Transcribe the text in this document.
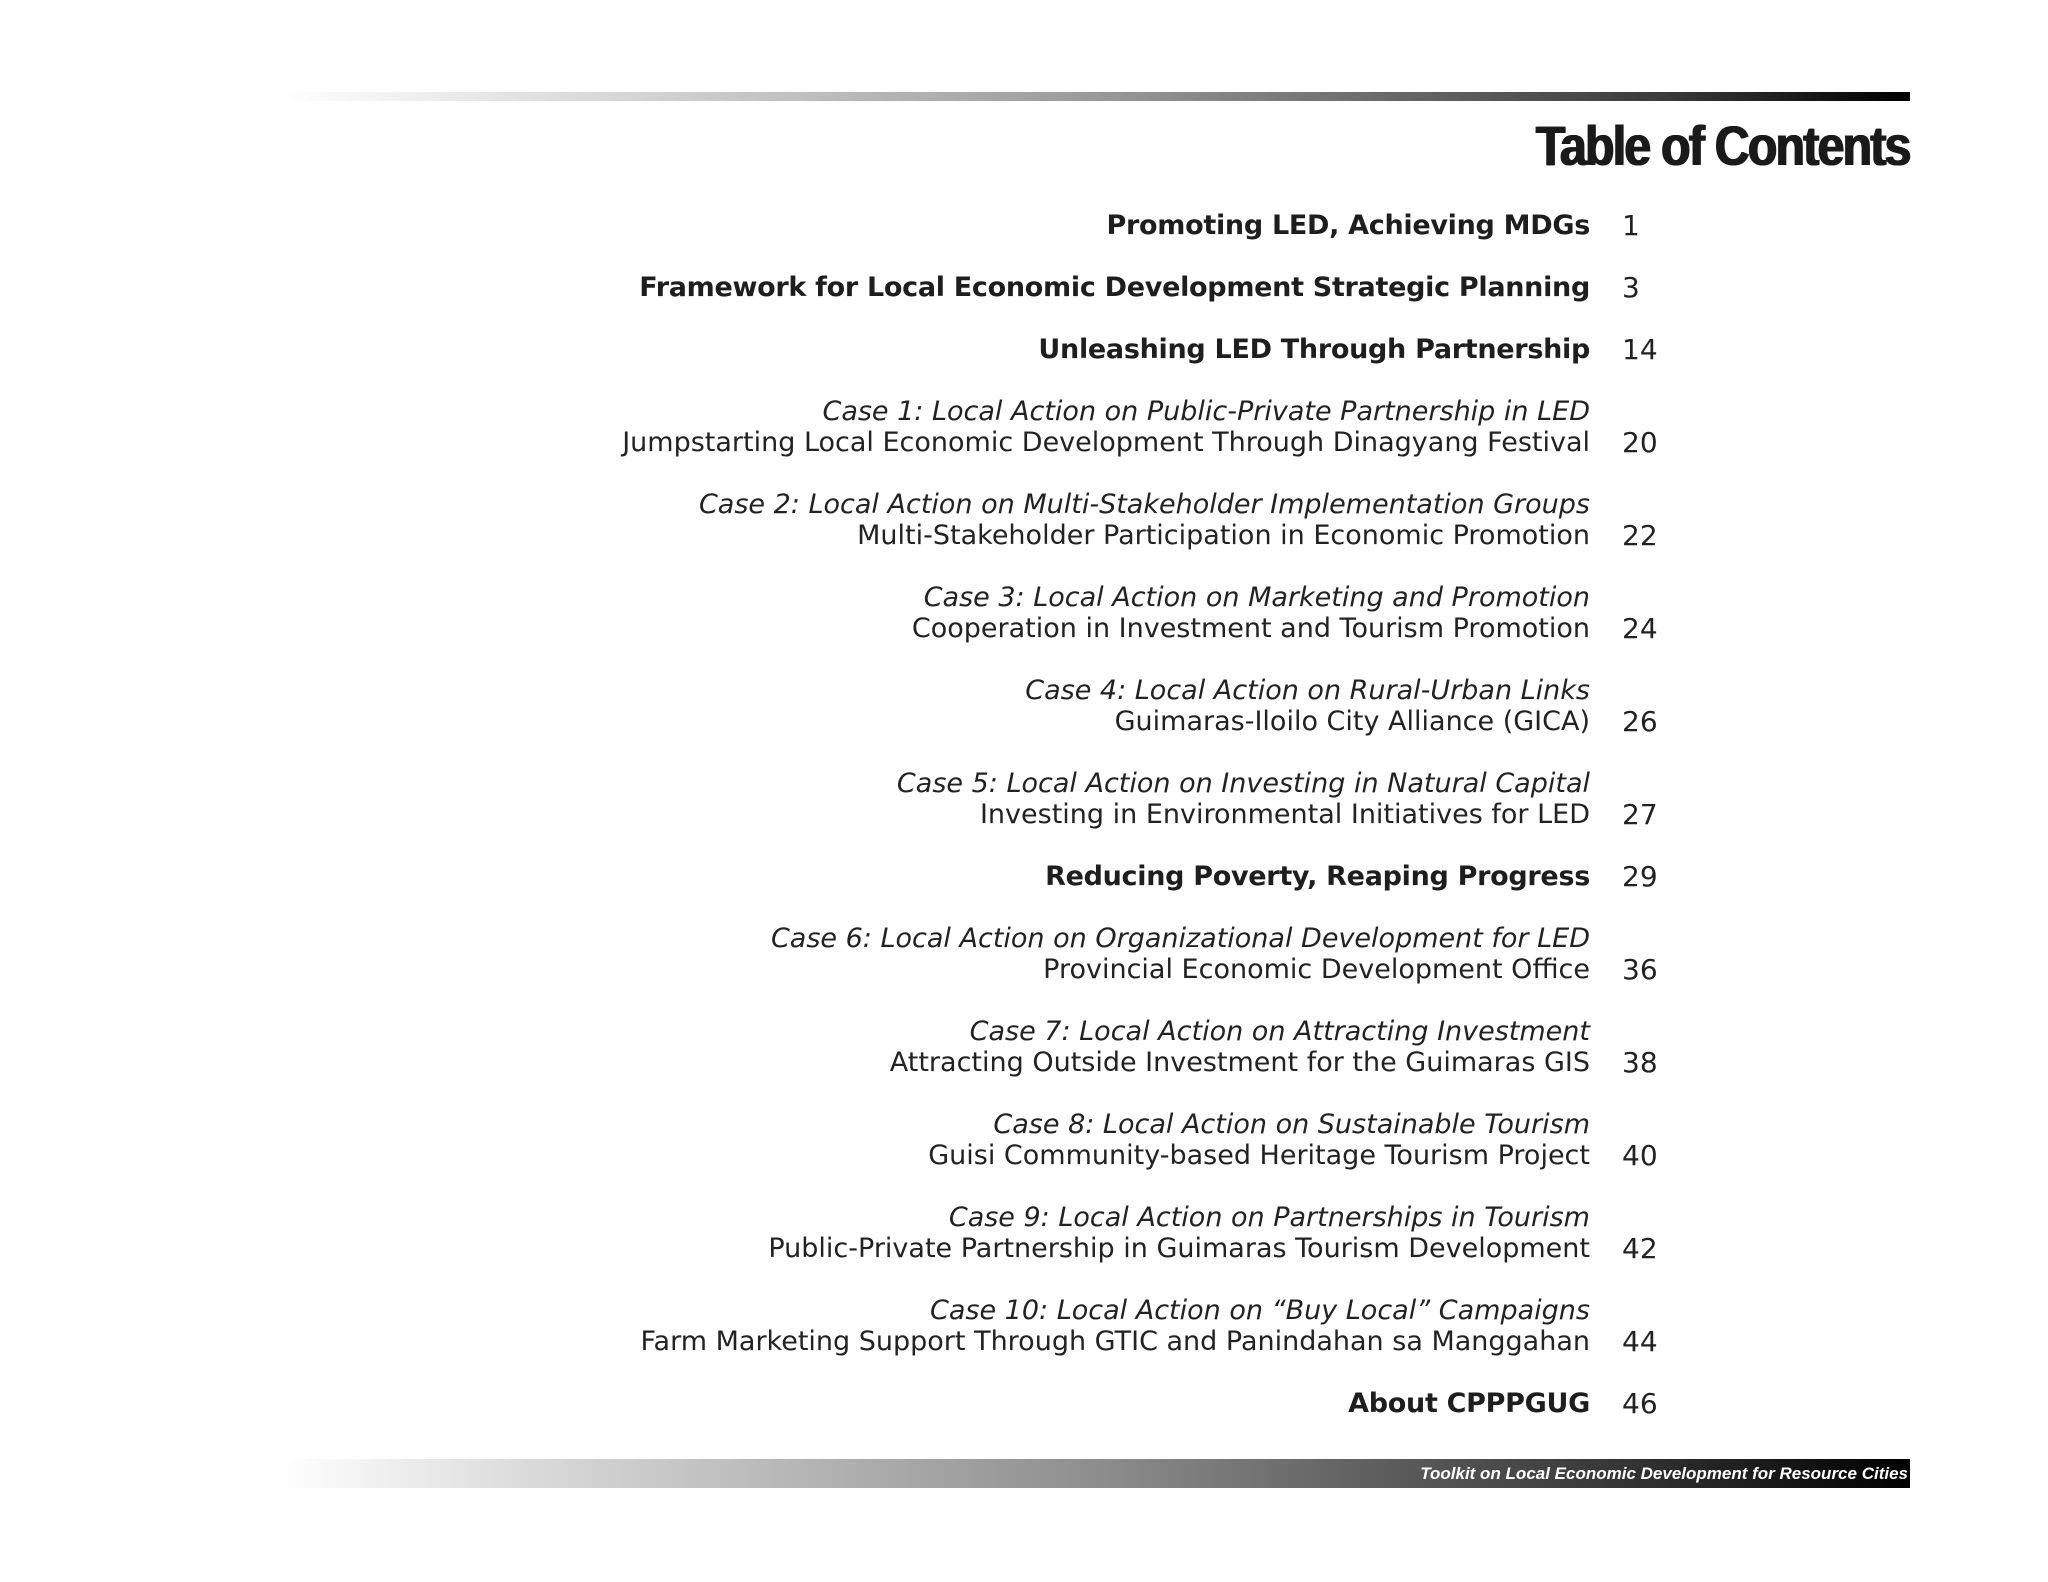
Table of Contents
Promoting LED, Achieving MDGs 1
Framework for Local Economic Development Strategic Planning 3
Unleashing LED Through Partnership 14
Case 1: Local Action on Public-Private Partnership in LED
Jumpstarting Local Economic Development Through Dinagyang Festival 20
Case 2: Local Action on Multi-Stakeholder Implementation Groups
Multi-Stakeholder Participation in Economic Promotion 22
Case 3: Local Action on Marketing and Promotion
Cooperation in Investment and Tourism Promotion 24
Case 4: Local Action on Rural-Urban Links
Guimaras-Iloilo City Alliance (GICA) 26
Case 5: Local Action on Investing in Natural Capital
Investing in Environmental Initiatives for LED 27
Reducing Poverty, Reaping Progress 29
Case 6: Local Action on Organizational Development for LED
Provincial Economic Development Office 36
Case 7: Local Action on Attracting Investment
Attracting Outside Investment for the Guimaras GIS 38
Case 8: Local Action on Sustainable Tourism
Guisi Community-based Heritage Tourism Project 40
Case 9: Local Action on Partnerships in Tourism
Public-Private Partnership in Guimaras Tourism Development 42
Case 10: Local Action on “Buy Local” Campaigns
Farm Marketing Support Through GTIC and Panindahan sa Manggahan 44
About CPPPGUG 46
Toolkit on Local Economic Development for Resource Cities
